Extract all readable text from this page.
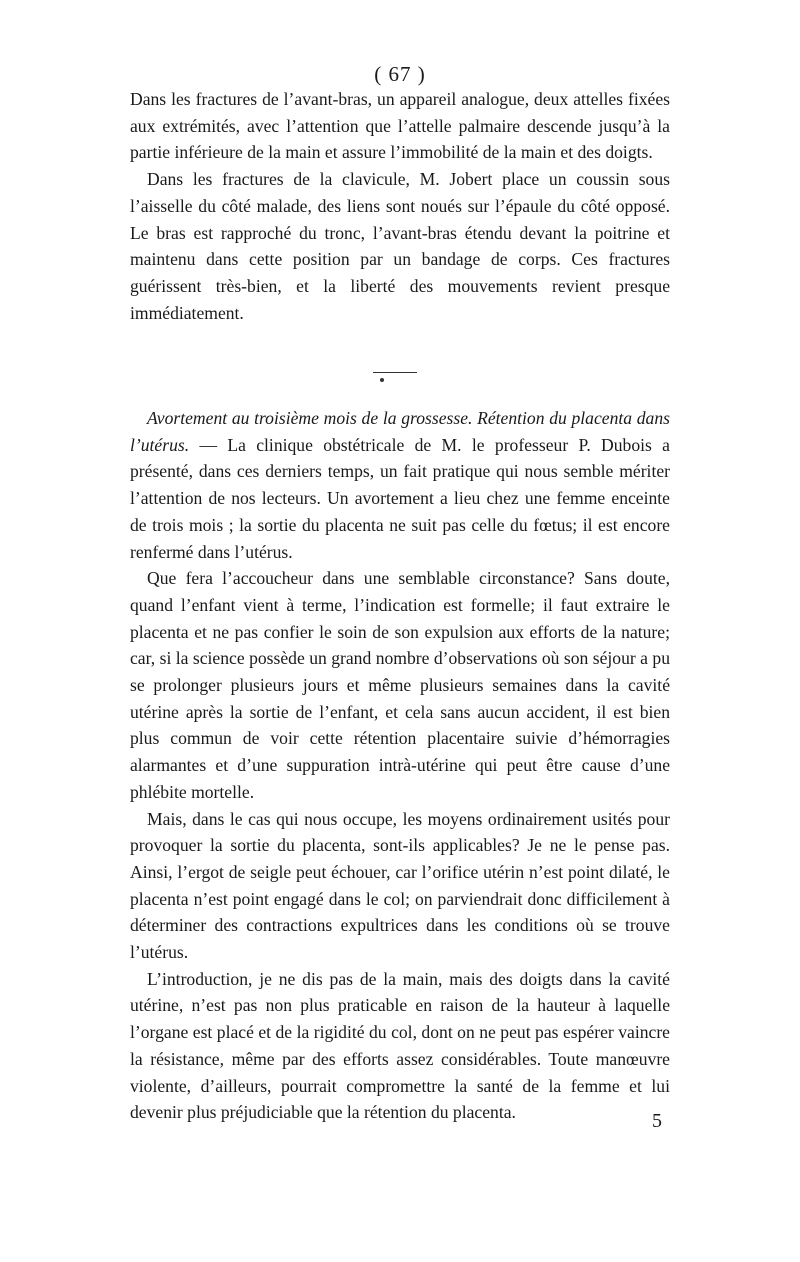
( 67 )

Dans les fractures de l’avant-bras, un appareil analogue, deux attelles fixées aux extrémités, avec l’attention que l’attelle palmaire descende jusqu’à la partie inférieure de la main et assure l’immobilité de la main et des doigts.

Dans les fractures de la clavicule, M. Jobert place un coussin sous l’aisselle du côté malade, des liens sont noués sur l’épaule du côté opposé. Le bras est rapproché du tronc, l’avant-bras étendu devant la poitrine et maintenu dans cette position par un bandage de corps. Ces fractures guérissent très-bien, et la liberté des mouvements revient presque immédiatement.

Avortement au troisième mois de la grossesse. Rétention du placenta dans l’utérus. — La clinique obstétricale de M. le professeur P. Dubois a présenté, dans ces derniers temps, un fait pratique qui nous semble mériter l’attention de nos lecteurs. Un avortement a lieu chez une femme enceinte de trois mois ; la sortie du placenta ne suit pas celle du fœtus; il est encore renfermé dans l’utérus.

Que fera l’accoucheur dans une semblable circonstance? Sans doute, quand l’enfant vient à terme, l’indication est formelle; il faut extraire le placenta et ne pas confier le soin de son expulsion aux efforts de la nature; car, si la science possède un grand nombre d’observations où son séjour a pu se prolonger plusieurs jours et même plusieurs semaines dans la cavité utérine après la sortie de l’enfant, et cela sans aucun accident, il est bien plus commun de voir cette rétention placentaire suivie d’hémorragies alarmantes et d’une suppuration intrà-utérine qui peut être cause d’une phlébite mortelle.

Mais, dans le cas qui nous occupe, les moyens ordinairement usités pour provoquer la sortie du placenta, sont-ils applicables? Je ne le pense pas. Ainsi, l’ergot de seigle peut échouer, car l’orifice utérin n’est point dilaté, le placenta n’est point engagé dans le col; on parviendrait donc difficilement à déterminer des contractions expultrices dans les conditions où se trouve l’utérus.

L’introduction, je ne dis pas de la main, mais des doigts dans la cavité utérine, n’est pas non plus praticable en raison de la hauteur à laquelle l’organe est placé et de la rigidité du col, dont on ne peut pas espérer vaincre la résistance, même par des efforts assez considérables. Toute manœuvre violente, d’ailleurs, pourrait compromettre la santé de la femme et lui devenir plus préjudiciable que la rétention du placenta.	5
